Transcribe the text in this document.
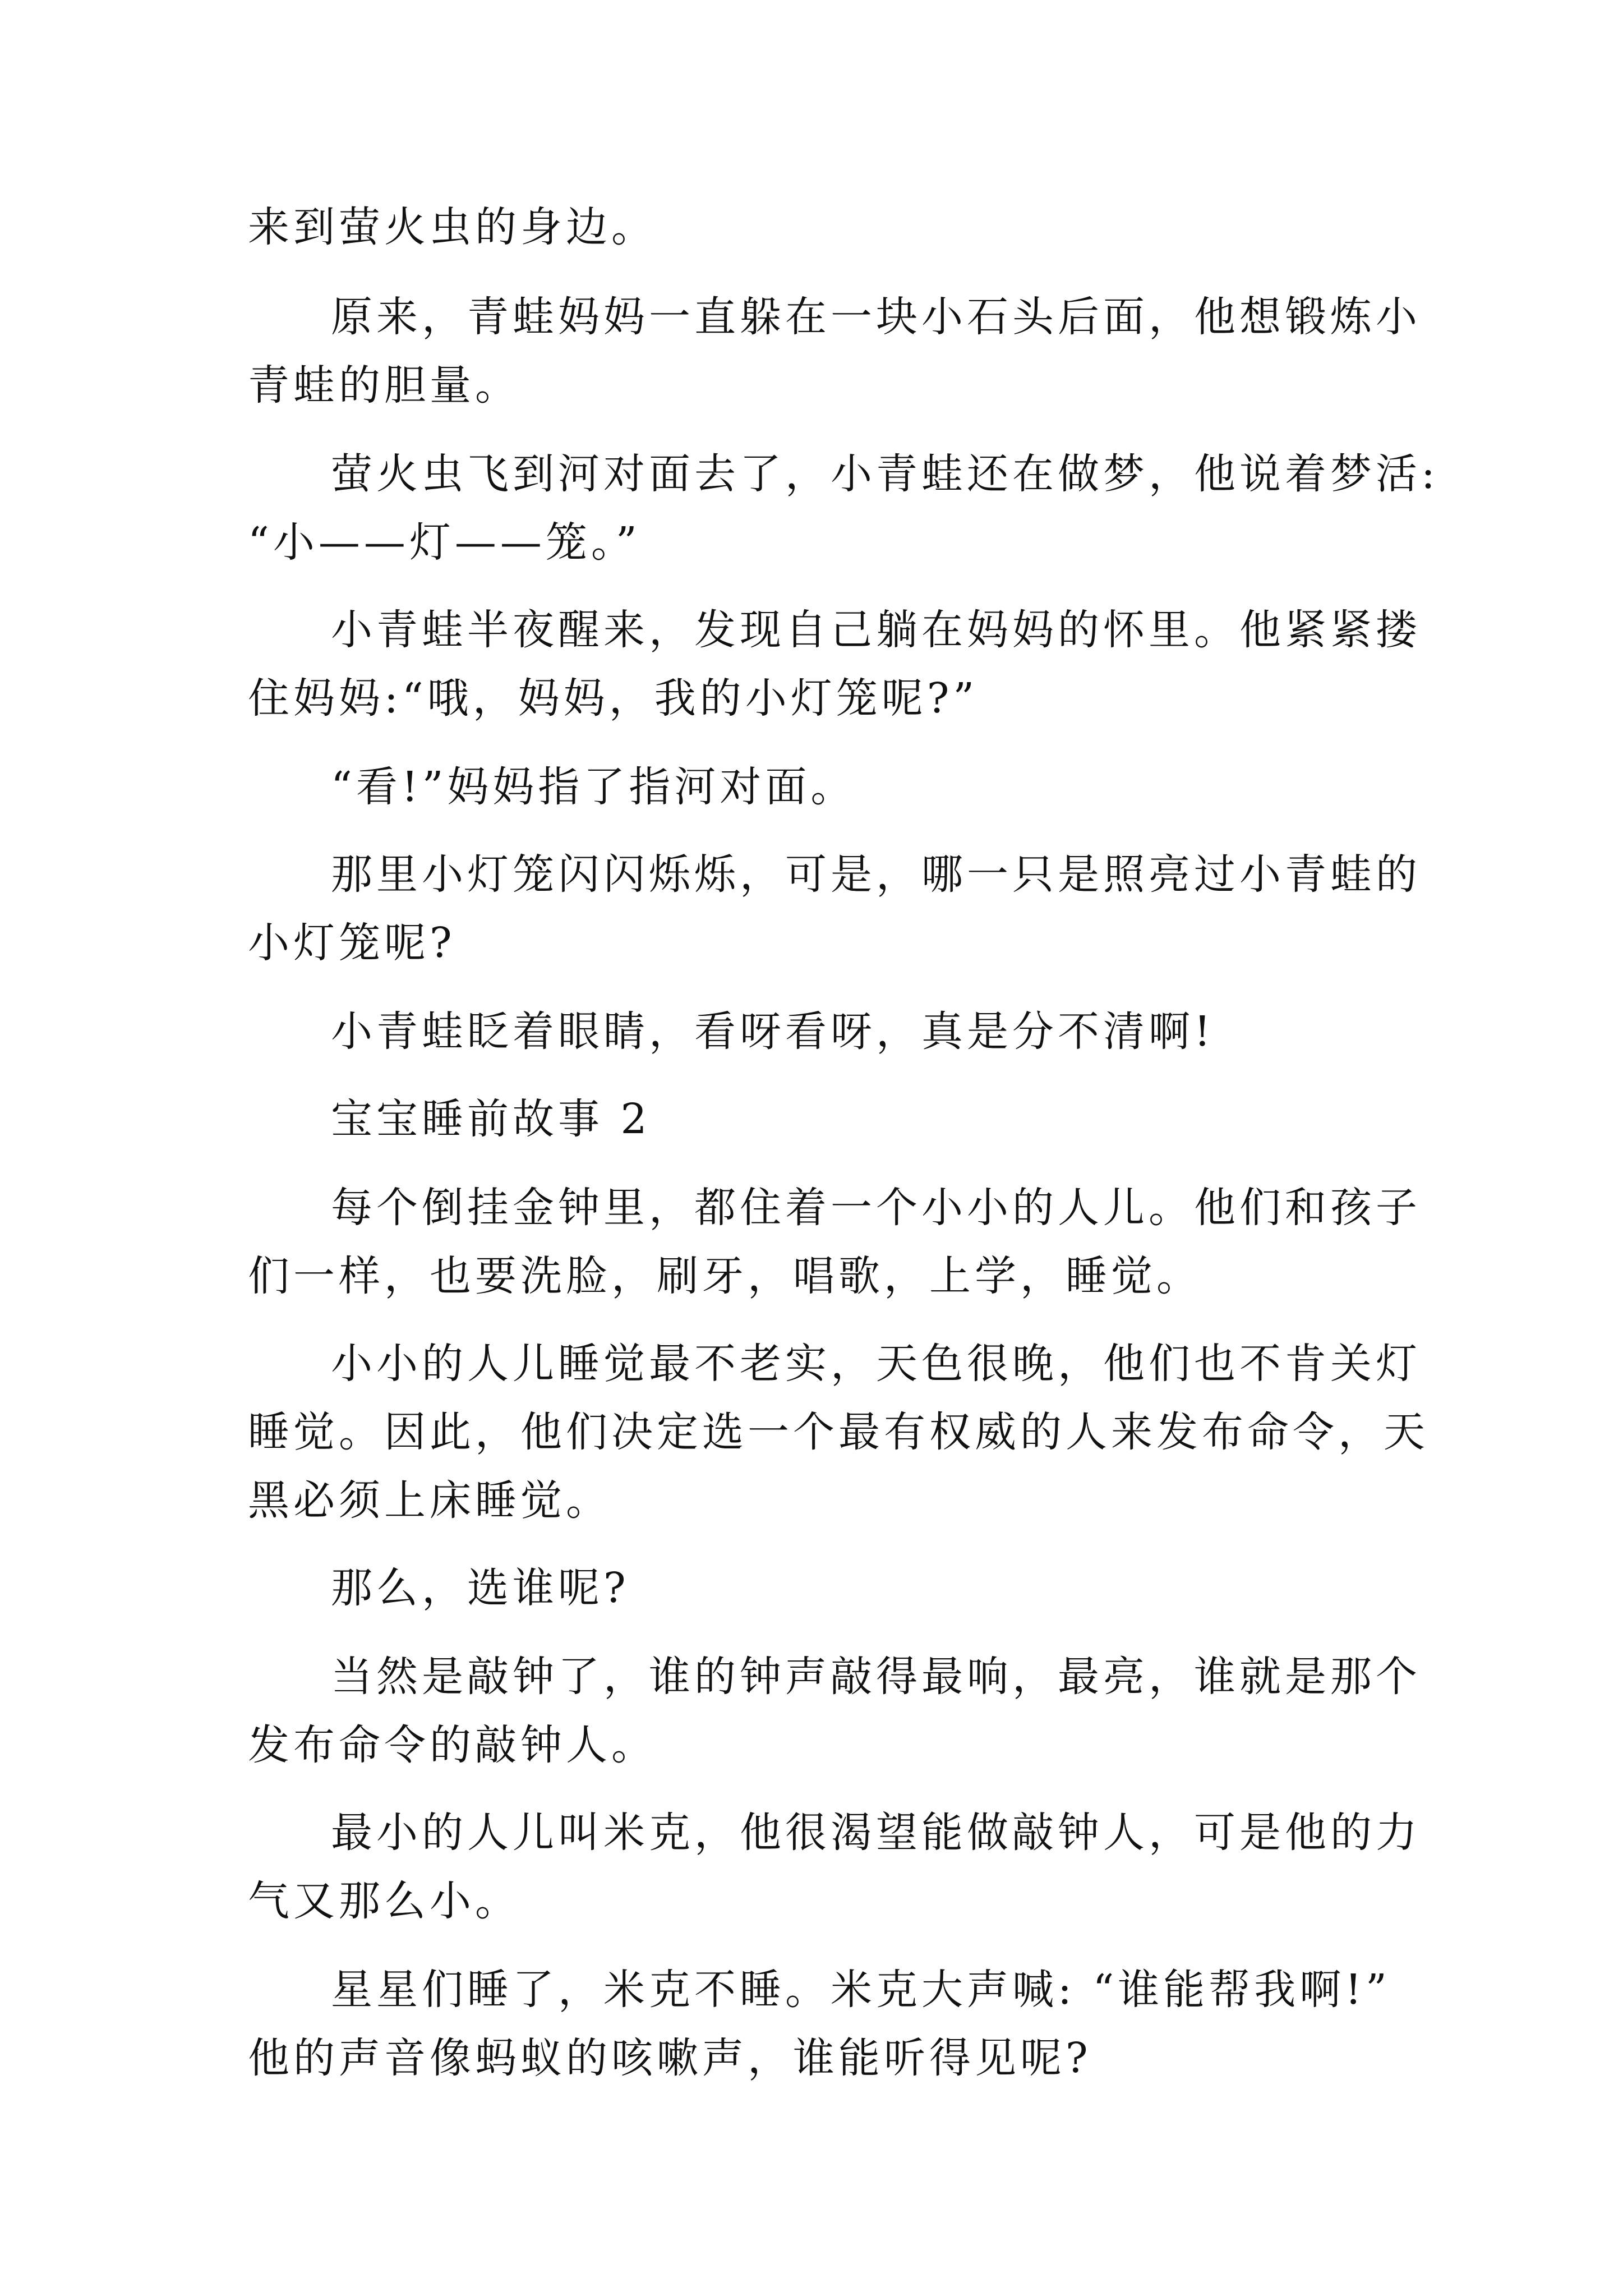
来到萤火虫的身边。
原来，青蛙妈妈一直躲在一块小石头后面，他想锻炼小
青蛙的胆量。
萤火虫飞到河对面去了，小青蛙还在做梦，他说着梦活:
“小——灯——笼。”
小青蛙半夜醒来，发现自己躺在妈妈的怀里。他紧紧搂
住妈妈:“哦，妈妈，我的小灯笼呢?”
“看!”妈妈指了指河对面。
那里小灯笼闪闪烁烁，可是，哪一只是照亮过小青蛙的
小灯笼呢?
小青蛙眨着眼睛，看呀看呀，真是分不清啊!
宝宝睡前故事 2
每个倒挂金钟里，都住着一个小小的人儿。他们和孩子
们一样，也要洗脸，刷牙，唱歌，上学，睡觉。
小小的人儿睡觉最不老实，天色很晚，他们也不肯关灯
睡觉。因此，他们决定选一个最有权威的人来发布命令，天
黑必须上床睡觉。
那么，选谁呢?
当然是敲钟了，谁的钟声敲得最响，最亮，谁就是那个
发布命令的敲钟人。
最小的人儿叫米克，他很渴望能做敲钟人，可是他的力
气又那么小。
星星们睡了，米克不睡。米克大声喊: “谁能帮我啊!”
他的声音像蚂蚁的咳嗽声，谁能听得见呢?
